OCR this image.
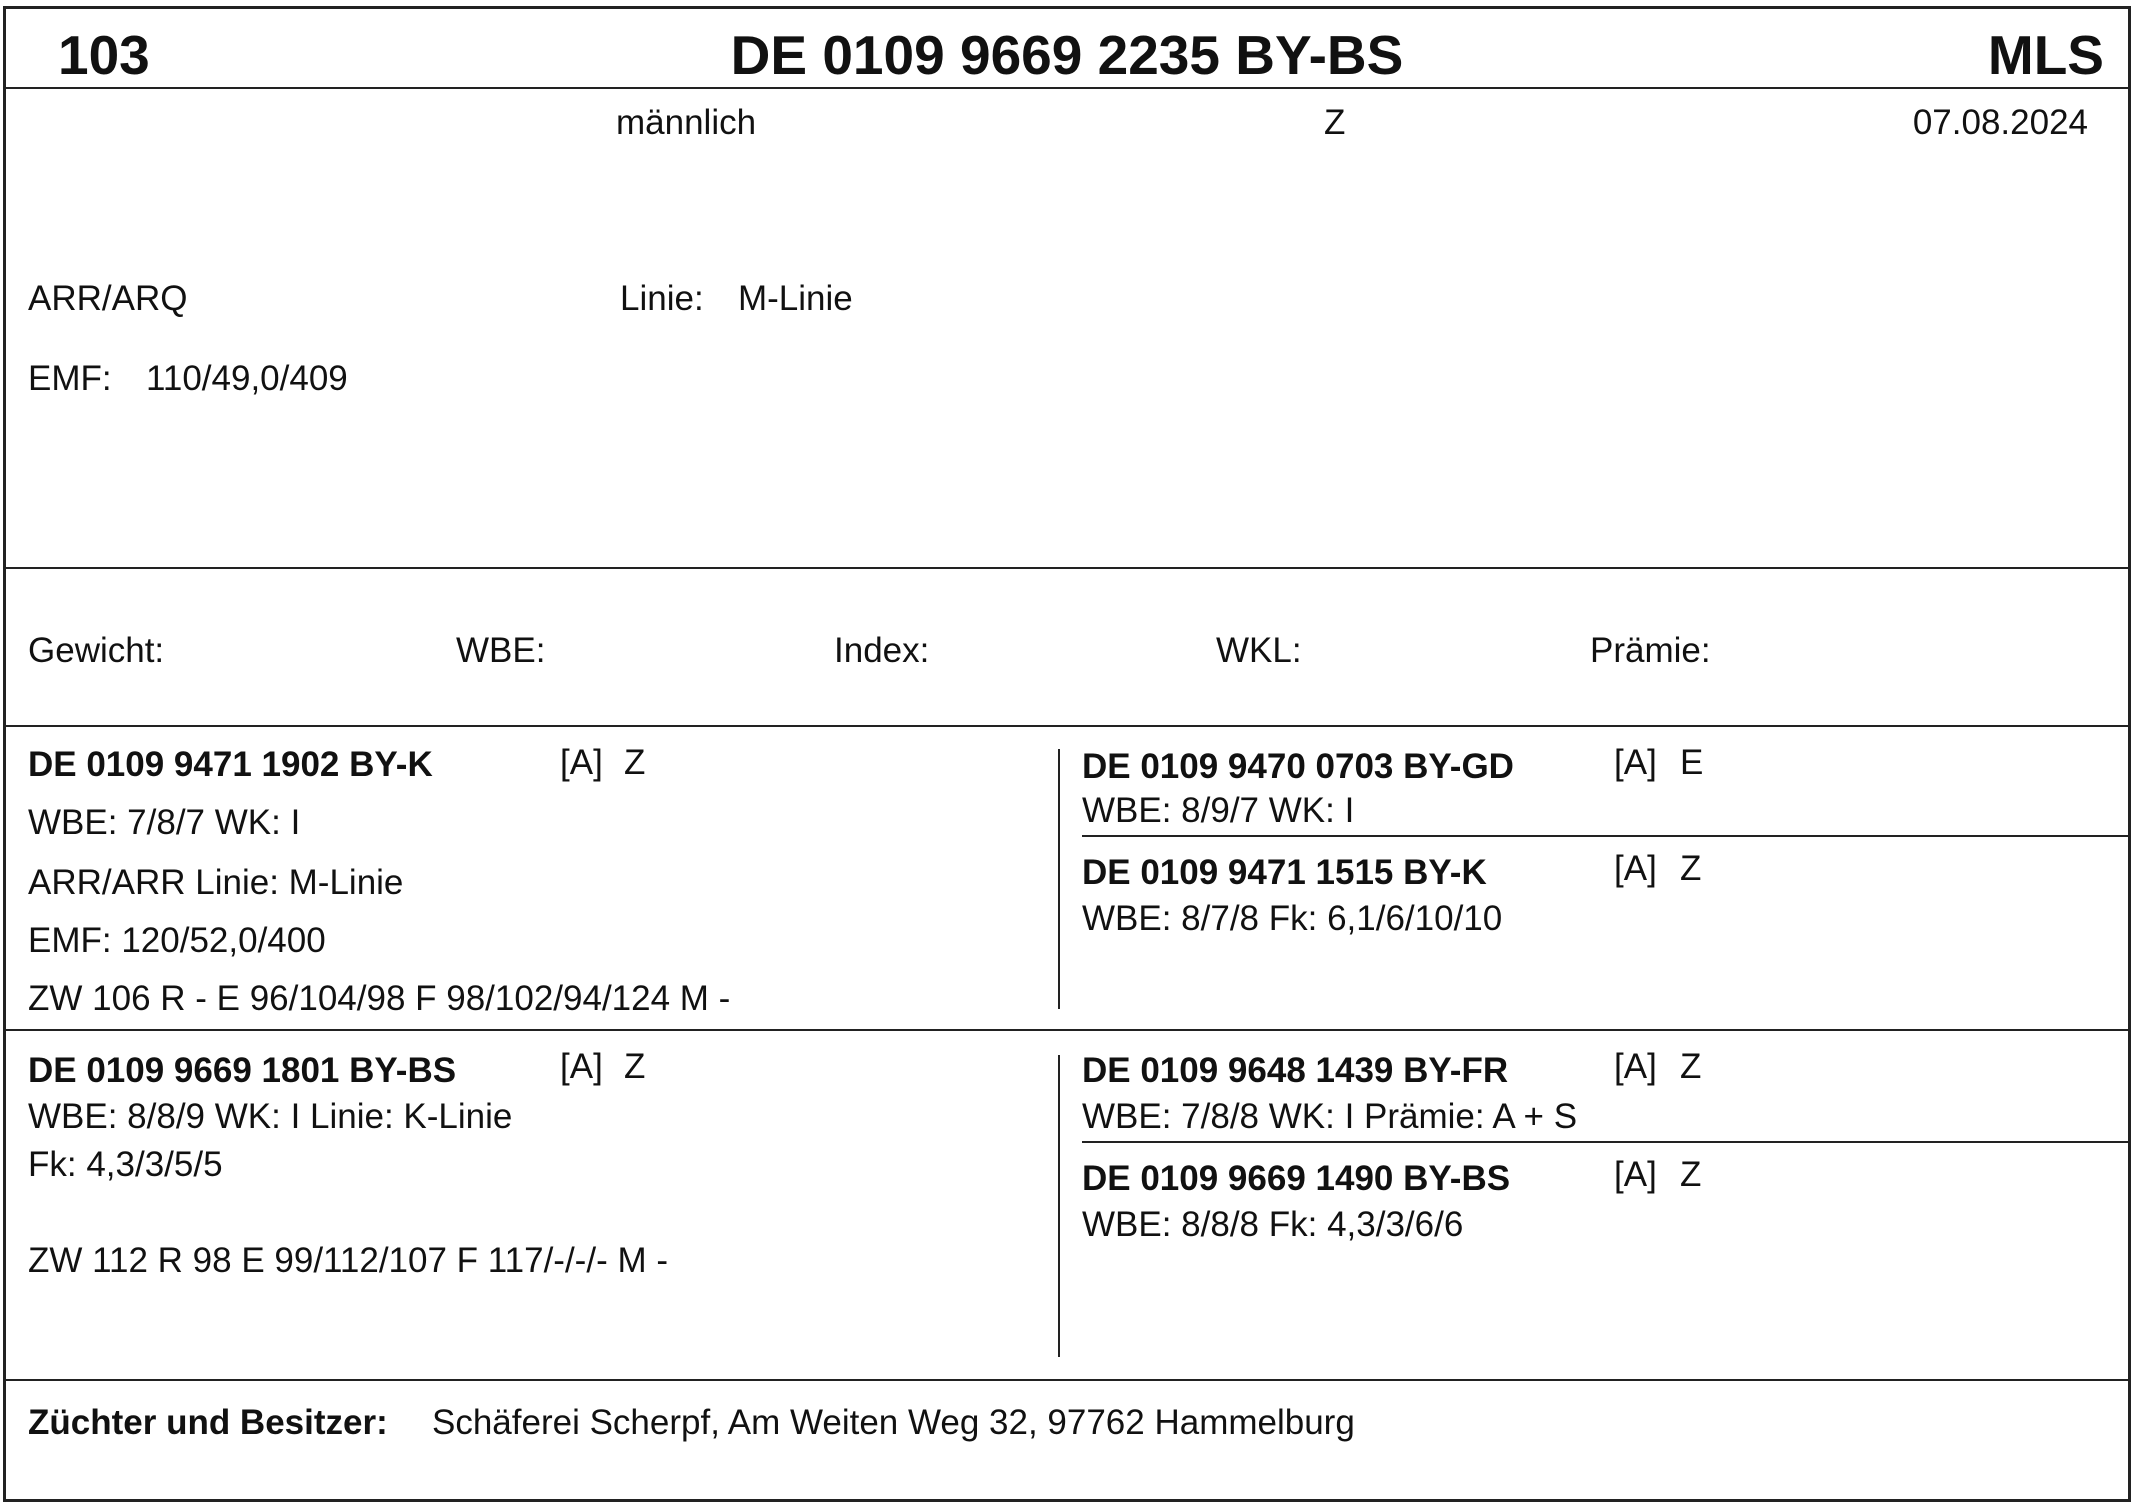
103	DE 0109 9669 2235 BY-BS	MLS
männlich	Z	07.08.2024
ARR/ARQ	Linie: M-Linie
EMF: 110/49,0/409
Gewicht:	WBE:	Index:	WKL:	Prämie:
DE 0109 9471 1902 BY-K	[A] Z
WBE: 7/8/7 WK: I
ARR/ARR Linie: M-Linie
EMF: 120/52,0/400
ZW 106 R - E 96/104/98 F 98/102/94/124 M -
DE 0109 9470 0703 BY-GD	[A] E
WBE: 8/9/7 WK: I
DE 0109 9471 1515 BY-K	[A] Z
WBE: 8/7/8 Fk: 6,1/6/10/10
DE 0109 9669 1801 BY-BS	[A] Z
WBE: 8/8/9 WK: I Linie: K-Linie
Fk: 4,3/3/5/5
ZW 112 R 98 E 99/112/107 F 117/-/-/- M -
DE 0109 9648 1439 BY-FR	[A] Z
WBE: 7/8/8 WK: I Prämie: A + S
DE 0109 9669 1490 BY-BS	[A] Z
WBE: 8/8/8 Fk: 4,3/3/6/6
Züchter und Besitzer: Schäferei Scherpf, Am Weiten Weg 32, 97762 Hammelburg
